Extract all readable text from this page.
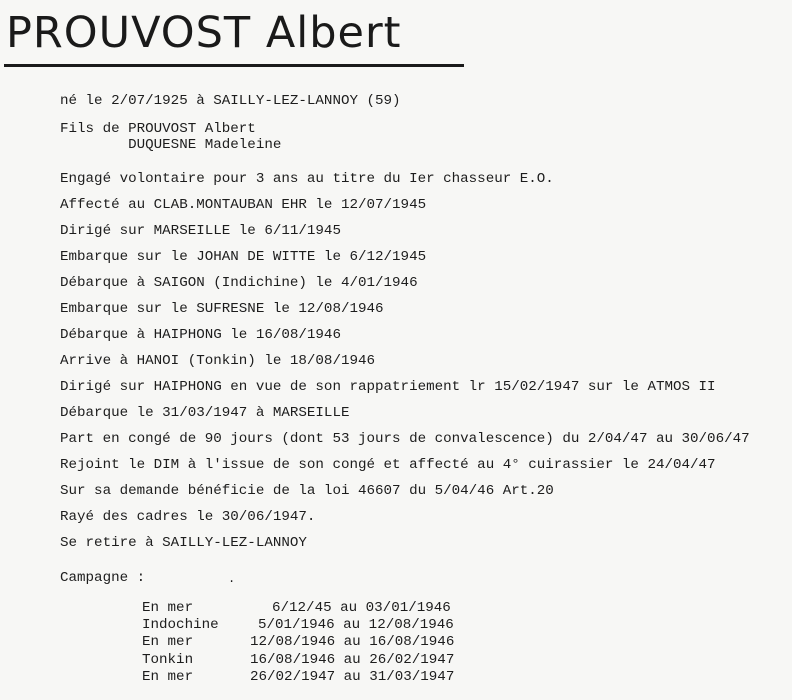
PROUVOST Albert
né le 2/07/1925 à SAILLY-LEZ-LANNOY (59)
Fils de PROUVOST Albert
DUQUESNE Madeleine
Engagé volontaire pour 3 ans au titre du Ier chasseur E.O.
Affecté au CLAB.MONTAUBAN EHR le 12/07/1945
Dirigé sur MARSEILLE le 6/11/1945
Embarque sur le JOHAN DE WITTE le 6/12/1945
Débarque à SAIGON (Indichine) le 4/01/1946
Embarque sur le SUFRESNE le 12/08/1946
Débarque à HAIPHONG le 16/08/1946
Arrive à HANOI (Tonkin) le 18/08/1946
Dirigé sur HAIPHONG en vue de son rappatriement lr 15/02/1947 sur le ATMOS II
Débarque le 31/03/1947 à MARSEILLE
Part en congé de 90 jours (dont 53 jours de convalescence) du 2/04/47 au 30/06/47
Rejoint le DIM à l'issue de son congé et affecté au 4° cuirassier le 24/04/47
Sur sa demande bénéficie de la loi 46607 du 5/04/46 Art.20
Rayé des cadres le 30/06/1947.
Se retire à SAILLY-LEZ-LANNOY
Campagne :	.
En mer	6/12/45 au 03/01/1946
Indochine	5/01/1946 au 12/08/1946
En mer	12/08/1946 au 16/08/1946
Tonkin	16/08/1946 au 26/02/1947
En mer	26/02/1947 au 31/03/1947
